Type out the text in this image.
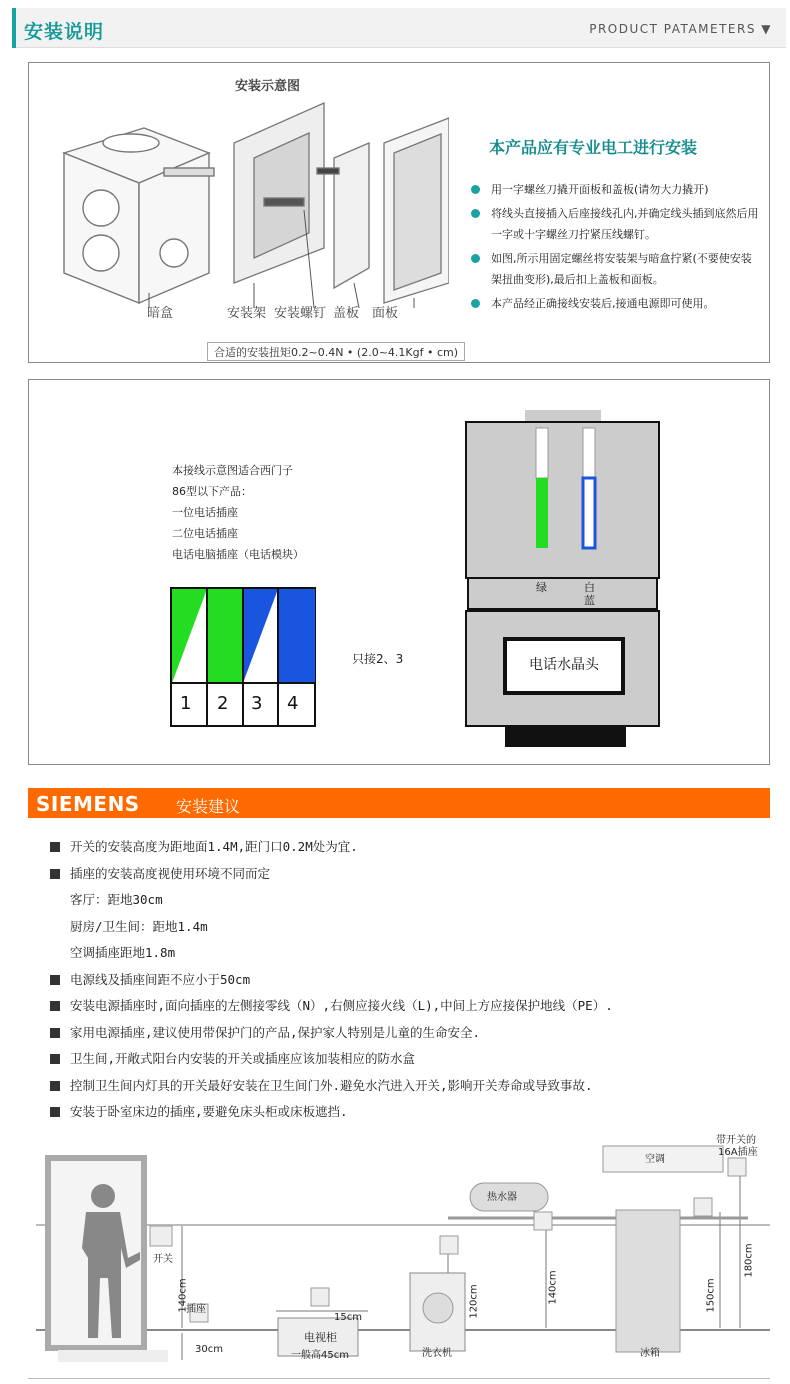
安装说明	PRODUCT PATAMETERS ▼
安装示意图
暗盒	安装架 安装螺钉 盖板 面板
合适的安装扭矩0.2~0.4N • (2.0~4.1Kgf • cm)
本产品应有专业电工进行安装
用一字螺丝刀撬开面板和盖板(请勿大力撬开)
将线头直接插入后座接线孔内,并确定线头插到底然后用一字或十字螺丝刀拧紧压线螺钉。
如图,所示用固定螺丝将安装架与暗盒拧紧(不要使安装架扭曲变形),最后扣上盖板和面板。
本产品经正确接线安装后,接通电源即可使用。
本接线示意图适合西门子
86型以下产品：
一位电话插座
二位电话插座
电话电脑插座（电话模块）
1 2 3 4
只接2、3
绿	白
蓝
电话水晶头
SIEMENS 安装建议
开关的安装高度为距地面1.4M,距门口0.2M处为宜.
插座的安装高度视使用环境不同而定
客厅：距地30cm
厨房/卫生间：距地1.4m
空调插座距地1.8m
电源线及插座间距不应小于50cm
安装电源插座时,面向插座的左侧接零线（N）,右侧应接火线（L),中间上方应接保护地线（PE）.
家用电源插座,建议使用带保护门的产品,保护家人特别是儿童的生命安全.
卫生间,开敞式阳台内安装的开关或插座应该加装相应的防水盒
控制卫生间内灯具的开关最好安装在卫生间门外.避免水汽进入开关,影响开关寿命或导致事故.
安装于卧室床边的插座,要避免床头柜或床板遮挡.
开关
插座
140cm
30cm
15cm
电视柜
一般高45cm	洗衣机
120cm
热水器
140cm
冰箱
150cm
空调
180cm
带开关的
16A插座
